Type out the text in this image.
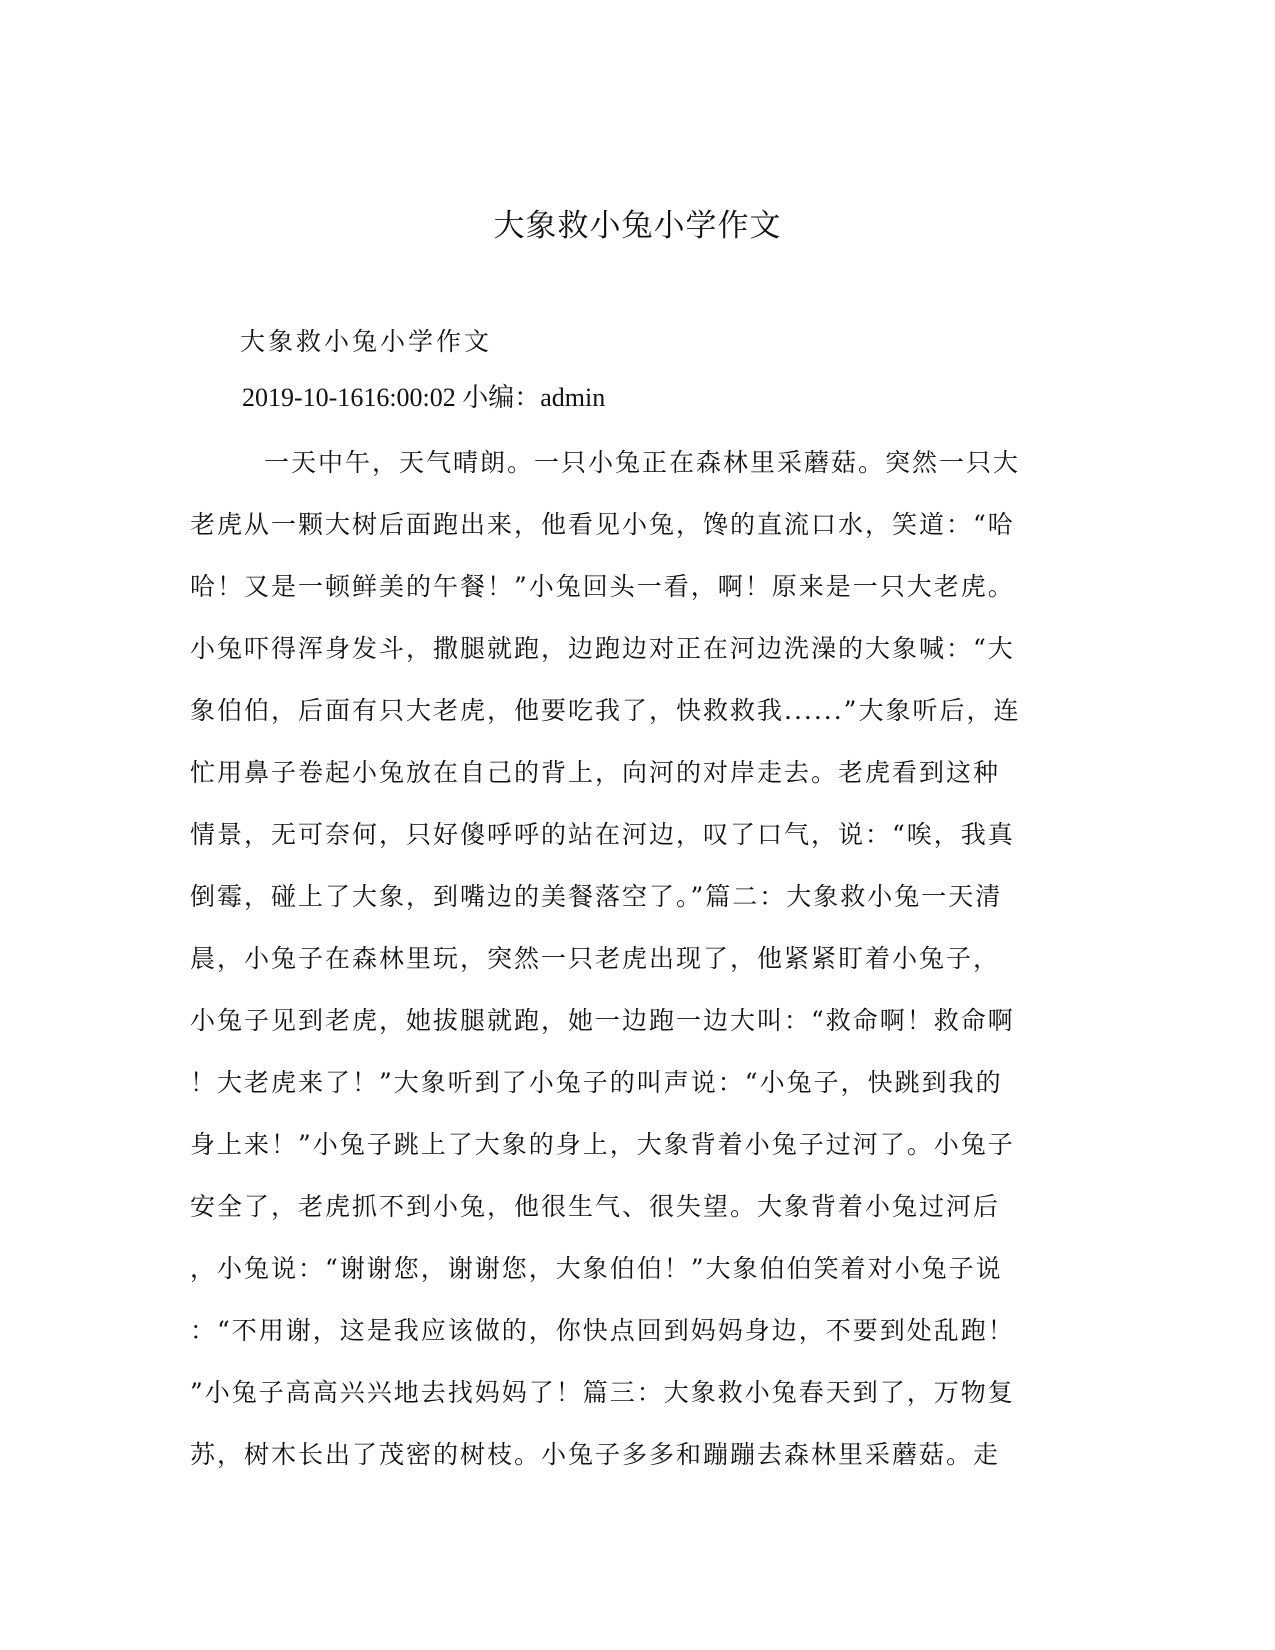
大象救小兔小学作文

大象救小兔小学作文

2019-10-1616:00:02 小编：admin

一天中午，天气晴朗。一只小兔正在森林里采蘑菇。突然一只大
老虎从一颗大树后面跑出来，他看见小兔，馋的直流口水，笑道：“哈
哈！又是一顿鲜美的午餐！”小兔回头一看，啊！原来是一只大老虎。
小兔吓得浑身发斗，撒腿就跑，边跑边对正在河边洗澡的大象喊：“大
象伯伯，后面有只大老虎，他要吃我了，快救救我......”大象听后，连
忙用鼻子卷起小兔放在自己的背上，向河的对岸走去。老虎看到这种
情景，无可奈何，只好傻呼呼的站在河边，叹了口气，说：“唉，我真
倒霉，碰上了大象，到嘴边的美餐落空了。”篇二：大象救小兔一天清
晨，小兔子在森林里玩，突然一只老虎出现了，他紧紧盯着小兔子，
小兔子见到老虎，她拔腿就跑，她一边跑一边大叫：“救命啊！救命啊
！大老虎来了！”大象听到了小兔子的叫声说：“小兔子，快跳到我的
身上来！”小兔子跳上了大象的身上，大象背着小兔子过河了。小兔子
安全了，老虎抓不到小兔，他很生气、很失望。大象背着小兔过河后
，小兔说：“谢谢您，谢谢您，大象伯伯！”大象伯伯笑着对小兔子说
：“不用谢，这是我应该做的，你快点回到妈妈身边，不要到处乱跑！
”小兔子高高兴兴地去找妈妈了！篇三：大象救小兔春天到了，万物复
苏，树木长出了茂密的树枝。小兔子多多和蹦蹦去森林里采蘑菇。走
